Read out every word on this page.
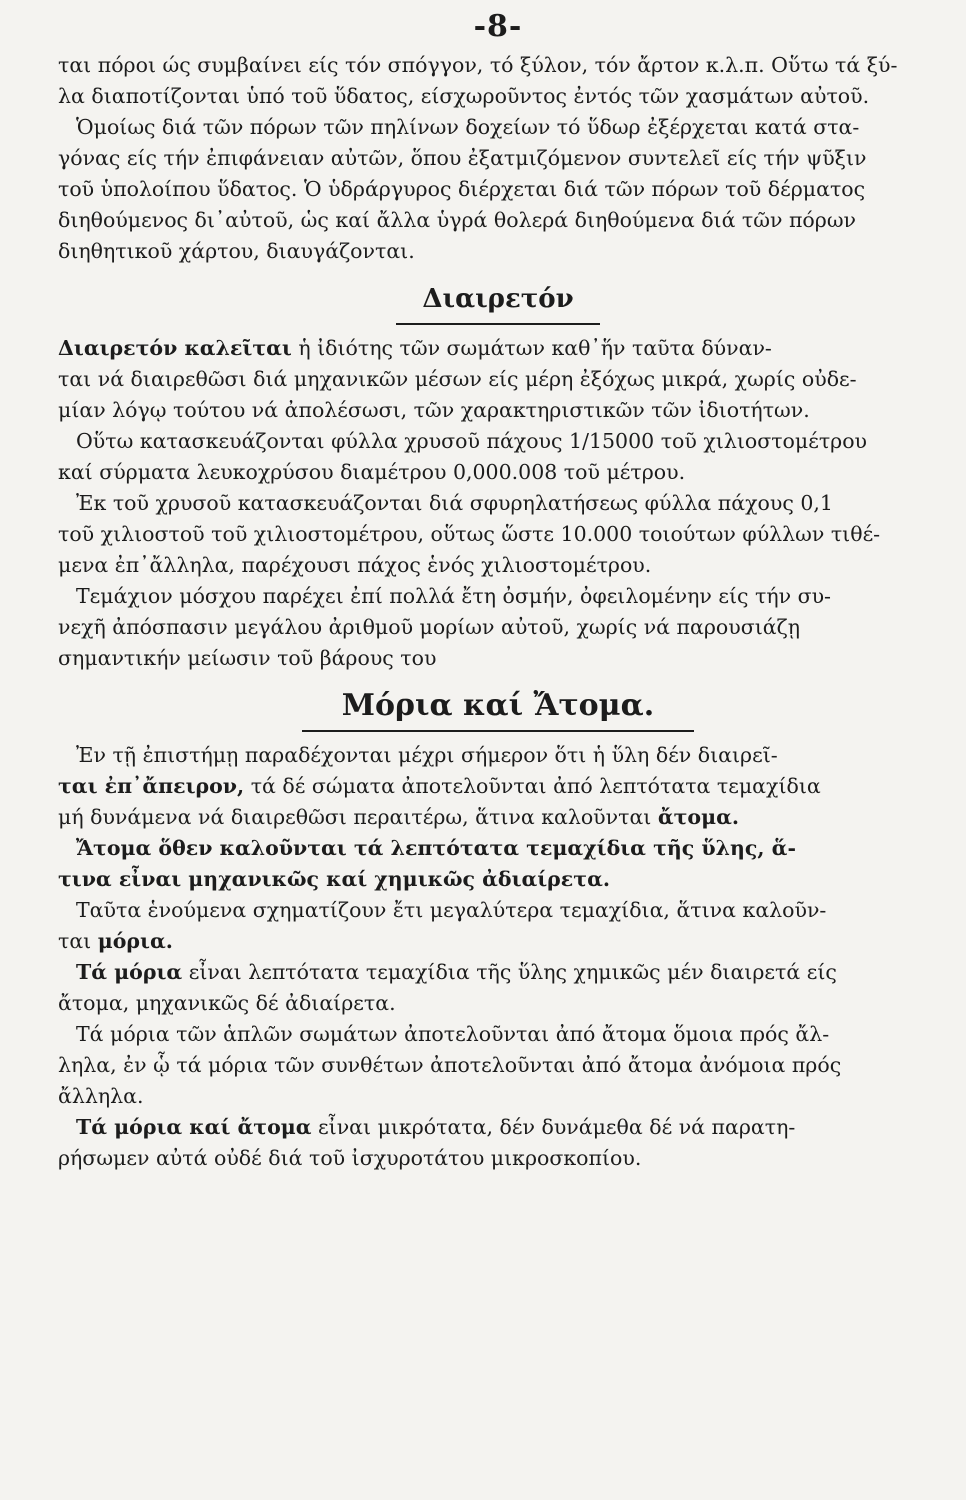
-8-
ται πόροι ώς συμβαίνει είς τόν σπόγγον, τό ξύλον, τόν ἄρτον κ.λ.π. Οὕτω τά ξύ-
λα διαποτίζονται ὑπό τοῦ ὕδατος, είσχωροῦντος ἐντός τῶν χασμάτων αὐτοῦ.
Ὁμοίως διά τῶν πόρων τῶν πηλίνων δοχείων τό ὕδωρ ἐξέρχεται κατά στα-
γόνας είς τήν ἐπιφάνειαν αὐτῶν, ὅπου ἐξατμιζόμενον συντελεῖ είς τήν ψῦξιν
τοῦ ὑπολοίπου ὕδατος. Ὁ ὑδράργυρος διέρχεται διά τῶν πόρων τοῦ δέρματος
διηθούμενος δι᾽αὐτοῦ, ὡς καί ἄλλα ὑγρά θολερά διηθούμενα διά τῶν πόρων
διηθητικοῦ χάρτου, διαυγάζονται.
Διαιρετόν
Διαιρετόν καλεῖται ἡ ἰδιότης τῶν σωμάτων καθ᾽ἥν ταῦτα δύναν-
ται νά διαιρεθῶσι διά μηχανικῶν μέσων είς μέρη ἐξόχως μικρά, χωρίς οὐδε-
μίαν λόγῳ τούτου νά ἀπολέσωσι, τῶν χαρακτηριστικῶν τῶν ἰδιοτήτων.
Οὕτω κατασκευάζονται φύλλα χρυσοῦ πάχους 1/15000 τοῦ χιλιοστομέτρου
καί σύρματα λευκοχρύσου διαμέτρου 0,000.008 τοῦ μέτρου.
Ἐκ τοῦ χρυσοῦ κατασκευάζονται διά σφυρηλατήσεως φύλλα πάχους 0,1
τοῦ χιλιοστοῦ τοῦ χιλιοστομέτρου, οὕτως ὥστε 10.000 τοιούτων φύλλων τιθέ-
μενα ἐπ᾽ἄλληλα, παρέχουσι πάχος ἑνός χιλιοστομέτρου.
Τεμάχιον μόσχου παρέχει ἐπί πολλά ἔτη ὀσμήν, ὀφειλομένην είς τήν συ-
νεχῆ ἀπόσπασιν μεγάλου ἀριθμοῦ μορίων αὐτοῦ, χωρίς νά παρουσιάζῃ
σημαντικήν μείωσιν τοῦ βάρους του
Μόρια καί Ἄτομα.
Ἐν τῇ ἐπιστήμῃ παραδέχονται μέχρι σήμερον ὅτι ἡ ὕλη δέν διαιρεῖ-
ται ἐπ᾽ἄπειρον, τά δέ σώματα ἀποτελοῦνται ἀπό λεπτότατα τεμαχίδια
μή δυνάμενα νά διαιρεθῶσι περαιτέρω, ἅτινα καλοῦνται ἄτομα.
Ἄτομα ὅθεν καλοῦνται τά λεπτότατα τεμαχίδια τῆς ὕλης, ἅ-
τινα εἶναι μηχανικῶς καί χημικῶς ἀδιαίρετα.
Ταῦτα ἑνούμενα σχηματίζουν ἔτι μεγαλύτερα τεμαχίδια, ἅτινα καλοῦν-
ται μόρια.
Τά μόρια εἶναι λεπτότατα τεμαχίδια τῆς ὕλης χημικῶς μέν διαιρετά είς
ἄτομα, μηχανικῶς δέ ἀδιαίρετα.
Τά μόρια τῶν ἁπλῶν σωμάτων ἀποτελοῦνται ἀπό ἄτομα ὅμοια πρός ἄλ-
ληλα, ἐν ᾧ τά μόρια τῶν συνθέτων ἀποτελοῦνται ἀπό ἄτομα ἀνόμοια πρός
ἄλληλα.
Τά μόρια καί ἄτομα εἶναι μικρότατα, δέν δυνάμεθα δέ νά παρατη-
ρήσωμεν αὐτά οὐδέ διά τοῦ ἰσχυροτάτου μικροσκοπίου.
